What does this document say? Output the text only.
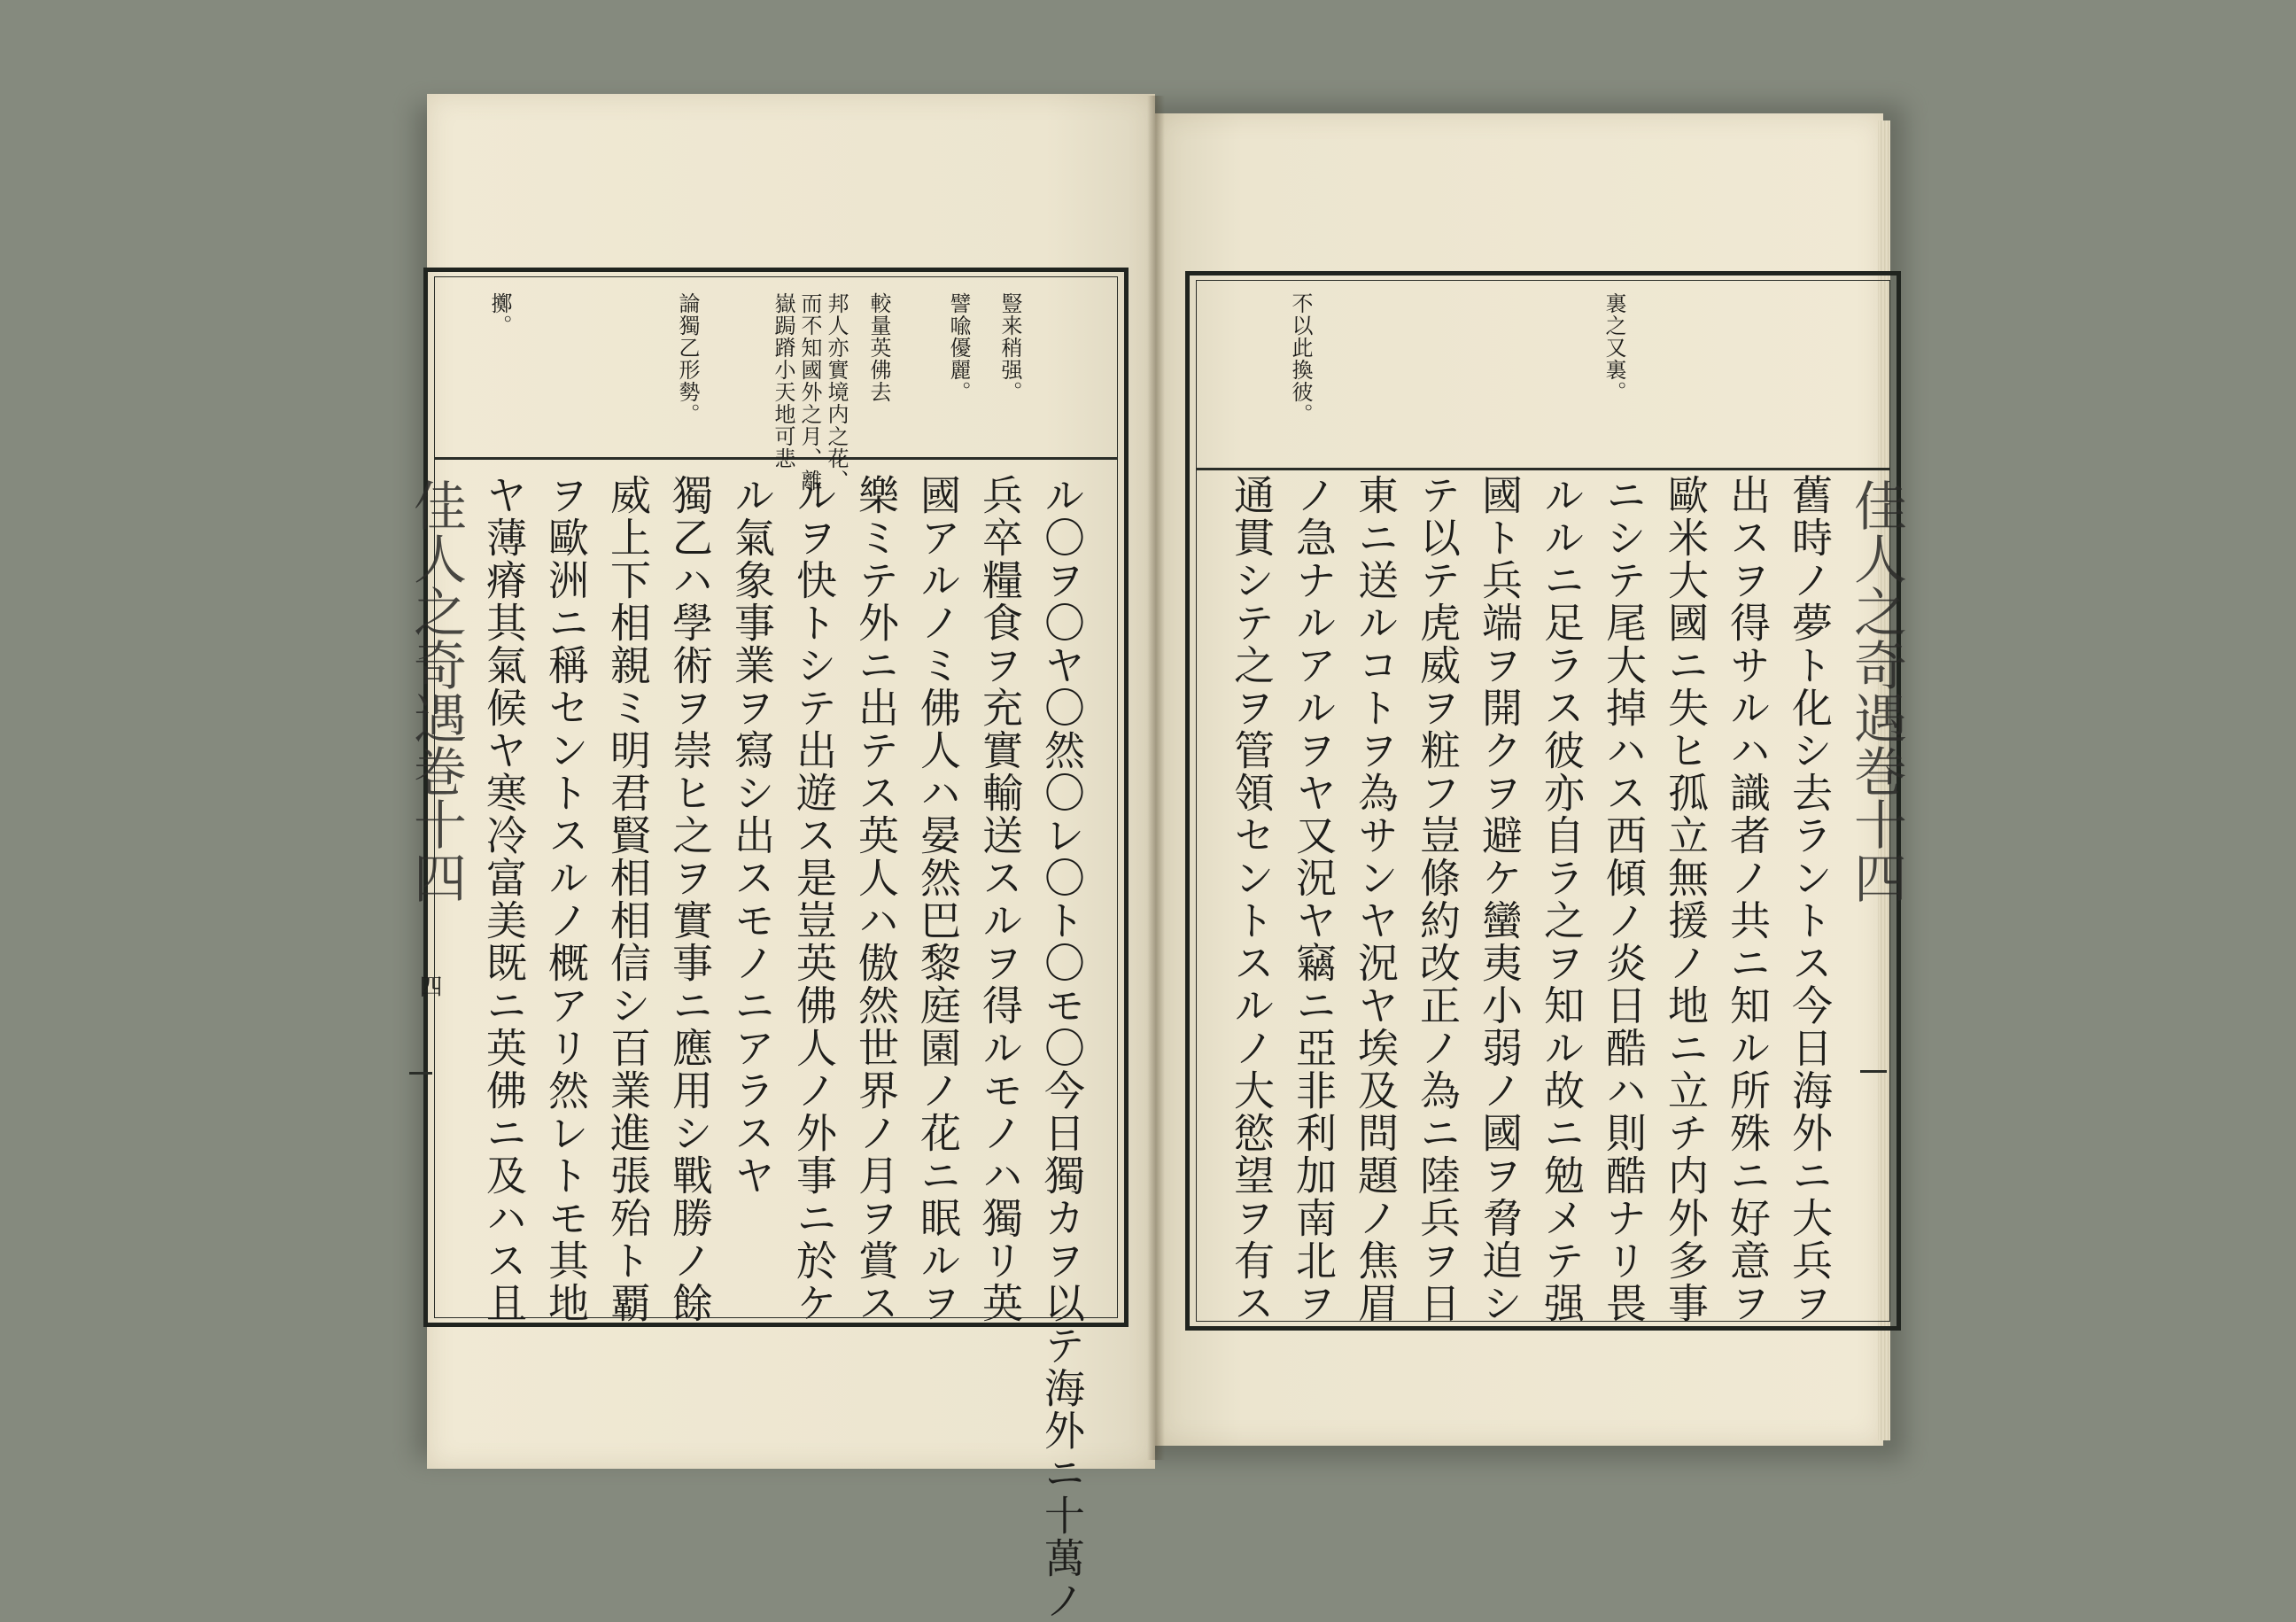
佳人之奇遇巻十四
四
豎来稍强。
譬喩優麗。
較量英佛去
邦人亦實境内之花、
而不知國外之月、離
嶽跼蹐小天地可悲
論獨乙形勢。
擲。
ル〇ヲ〇ヤ〇然〇レ〇ト〇モ〇今日獨カヲ以テ海外ニ十萬ノ
兵卒糧食ヲ充實輸送スルヲ得ルモノハ獨リ英
國アルノミ佛人ハ晏然巴黎庭園ノ花ニ眠ルヲ
樂ミテ外ニ出テス英人ハ傲然世界ノ月ヲ賞ス
ルヲ快トシテ出遊ス是豈英佛人ノ外事ニ於ケ
ル氣象事業ヲ寫シ出スモノニアラスヤ
獨乙ハ學術ヲ崇ヒ之ヲ實事ニ應用シ戰勝ノ餘
威上下相親ミ明君賢相相信シ百業進張殆ト覇
ヲ歐洲ニ稱セントスルノ概アリ然レトモ其地
ヤ薄瘠其氣候ヤ寒冷富美既ニ英佛ニ及ハス且	佳人之奇遇巻十四
裏之又裏。
不以此換彼。
舊時ノ夢ト化シ去ラントス今日海外ニ大兵ヲ
出スヲ得サルハ識者ノ共ニ知ル所殊ニ好意ヲ
歐米大國ニ失ヒ孤立無援ノ地ニ立チ内外多事
ニシテ尾大掉ハス西傾ノ炎日酷ハ則酷ナリ畏
ルルニ足ラス彼亦自ラ之ヲ知ル故ニ勉メテ强
國ト兵端ヲ開クヲ避ケ蠻夷小弱ノ國ヲ脅迫シ
テ以テ虎威ヲ粧フ豈條約改正ノ為ニ陸兵ヲ日
東ニ送ルコトヲ為サンヤ況ヤ埃及問題ノ焦眉
ノ急ナルアルヲヤ又況ヤ竊ニ亞非利加南北ヲ
通貫シテ之ヲ管領セントスルノ大慾望ヲ有ス
